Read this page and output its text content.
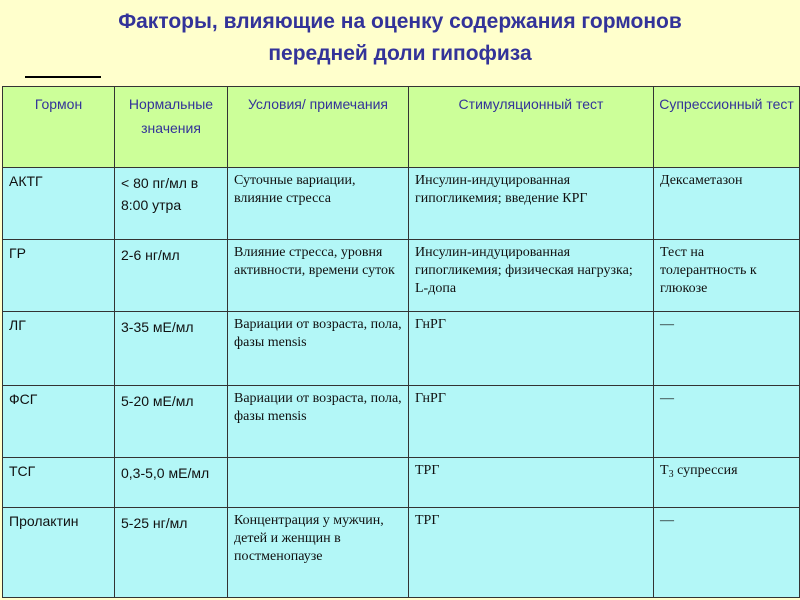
Факторы, влияющие на оценку содержания гормонов
передней доли гипофиза
Гормон	Нормальные значения	Условия/ примечания	Стимуляционный тест	Супрессионный тест
АКТГ	< 80 пг/мл в 8:00 утра	Суточные вариации, влияние стресса	Инсулин-индуцированная гипогликемия; введение КРГ	Дексаметазон
ГР	2-6 нг/мл	Влияние стресса, уровня активности, времени суток	Инсулин-индуцированная гипогликемия; физическая нагрузка; L-допа	Тест на толерантность к глюкозе
ЛГ	3-35 мЕ/мл	Вариации от возраста, пола, фазы mensis	ГнРГ	—
ФСГ	5-20 мЕ/мл	Вариации от возраста, пола, фазы mensis	ГнРГ	—
ТСГ	0,3-5,0 мЕ/мл		ТРГ	$Т_3$ супрессия
Пролактин	5-25 нг/мл	Концентрация у мужчин, детей и женщин в постменопаузе	ТРГ	—
